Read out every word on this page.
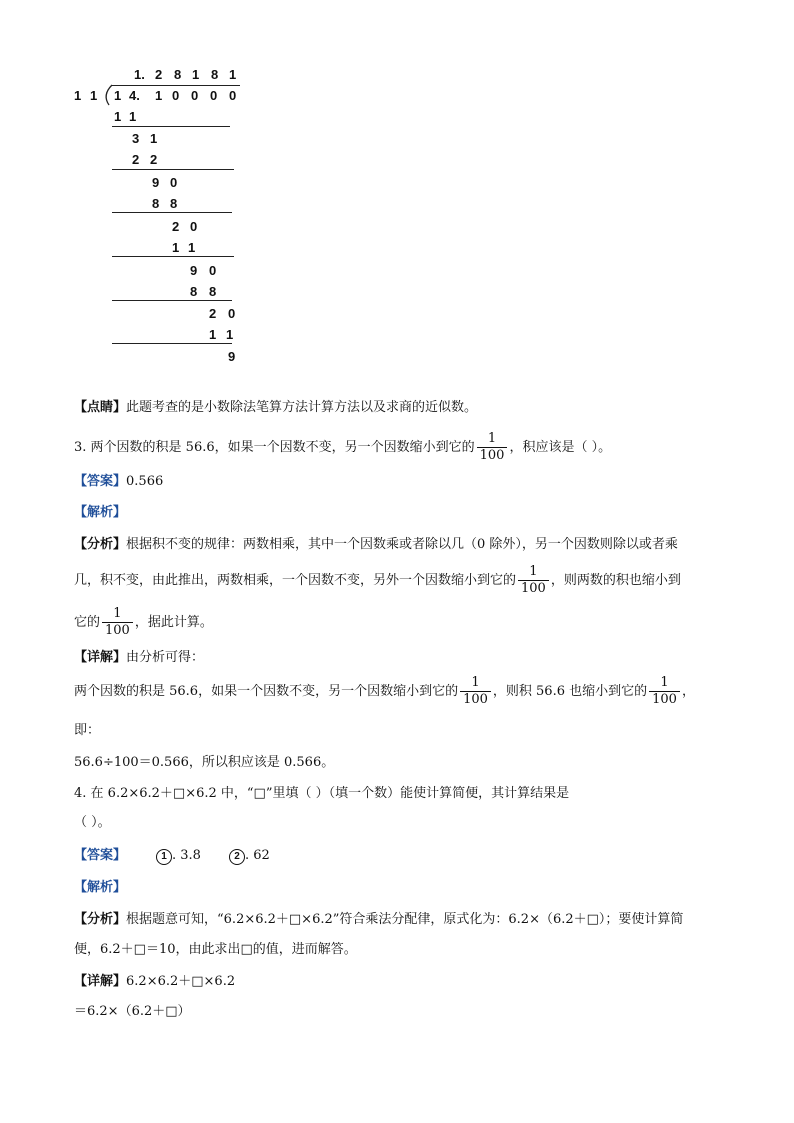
1. 2 8 1 8 1
1 1 1 4. 1 0 0 0 0
1 1
3 1
2 2
9 0
8 8
2 0
1 1
9 0
8 8
2 0
1 1
9
【点睛】此题考查的是小数除法笔算方法计算方法以及求商的近似数。
3. 两个因数的积是 56.6，如果一个因数不变，另一个因数缩小到它的 $\frac{1}{100}$ ，积应该是（ ）。
【答案】0.566
【解析】
【分析】根据积不变的规律：两数相乘，其中一个因数乘或者除以几（0 除外），另一个因数则除以或者乘
几，积不变，由此推出，两数相乘，一个因数不变，另外一个因数缩小到它的 $\frac{1}{100}$ ，则两数的积也缩小到
它的 $\frac{1}{100}$ ，据此计算。
【详解】由分析可得：
两个因数的积是 56.6，如果一个因数不变，另一个因数缩小到它的 $\frac{1}{100}$ ，则积 56.6 也缩小到它的 $\frac{1}{100}$ ，
即：
56.6÷100＝0.566，所以积应该是 0.566。
4. 在 6.2×6.2＋□×6.2 中，“□”里填（ ）（填一个数）能使计算简便，其计算结果是
（ ）。
【答案】	1 . 3.8	2 . 62
【解析】
【分析】根据题意可知，“6.2×6.2＋□×6.2”符合乘法分配律，原式化为：6.2×（6.2＋□）；要使计算简
便，6.2＋□＝10，由此求出□的值，进而解答。
【详解】6.2×6.2＋□×6.2
＝6.2×（6.2＋□）
